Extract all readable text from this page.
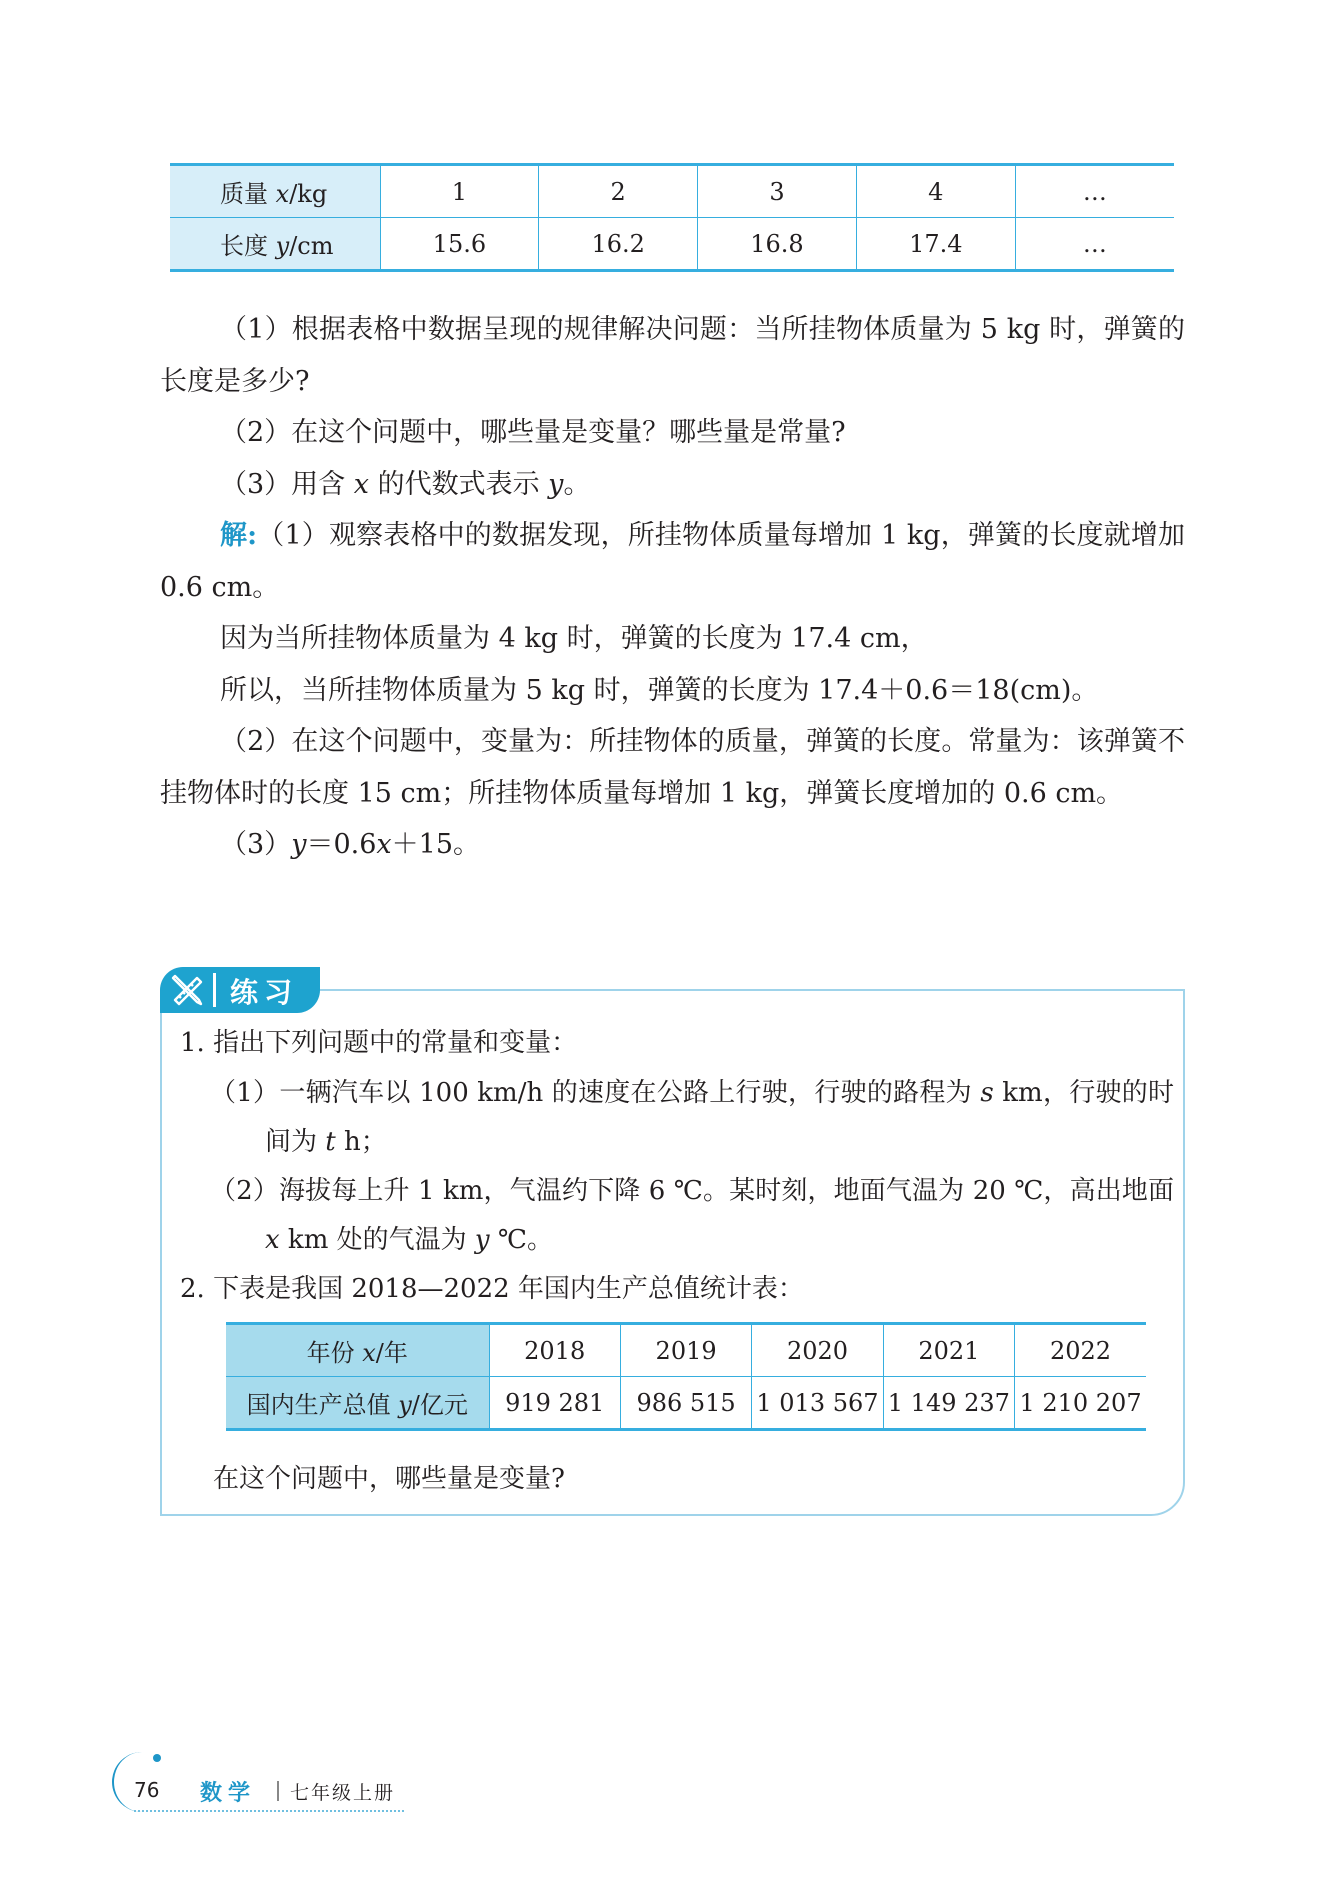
质量 x/kg	1	2	3	4	…
长度 y/cm	15.6	16.2	16.8	17.4	…

（1）根据表格中数据呈现的规律解决问题：当所挂物体质量为 5 kg 时，弹簧的长度是多少?

（2）在这个问题中，哪些量是变量？哪些量是常量?

（3）用含 x 的代数式表示 y。

解:（1）观察表格中的数据发现，所挂物体质量每增加 1 kg，弹簧的长度就增加 0.6 cm。

因为当所挂物体质量为 4 kg 时，弹簧的长度为 17.4 cm，

所以，当所挂物体质量为 5 kg 时，弹簧的长度为 17.4＋0.6＝18(cm)。

（2）在这个问题中，变量为：所挂物体的质量，弹簧的长度。常量为：该弹簧不挂物体时的长度 15 cm；所挂物体质量每增加 1 kg，弹簧长度增加的 0.6 cm。

（3）y＝0.6x＋15。

练习
1. 指出下列问题中的常量和变量：
（1）一辆汽车以 100 km/h 的速度在公路上行驶，行驶的路程为 s km，行驶的时间为 t h；
（2）海拔每上升 1 km，气温约下降 6 ℃。某时刻，地面气温为 20 ℃，高出地面 x km 处的气温为 y ℃。
2. 下表是我国 2018—2022 年国内生产总值统计表：
年份 x/年	2018	2019	2020	2021	2022
国内生产总值 y/亿元	919 281	986 515	1 013 567	1 149 237	1 210 207
在这个问题中，哪些量是变量?
76 数学 七年级上册
